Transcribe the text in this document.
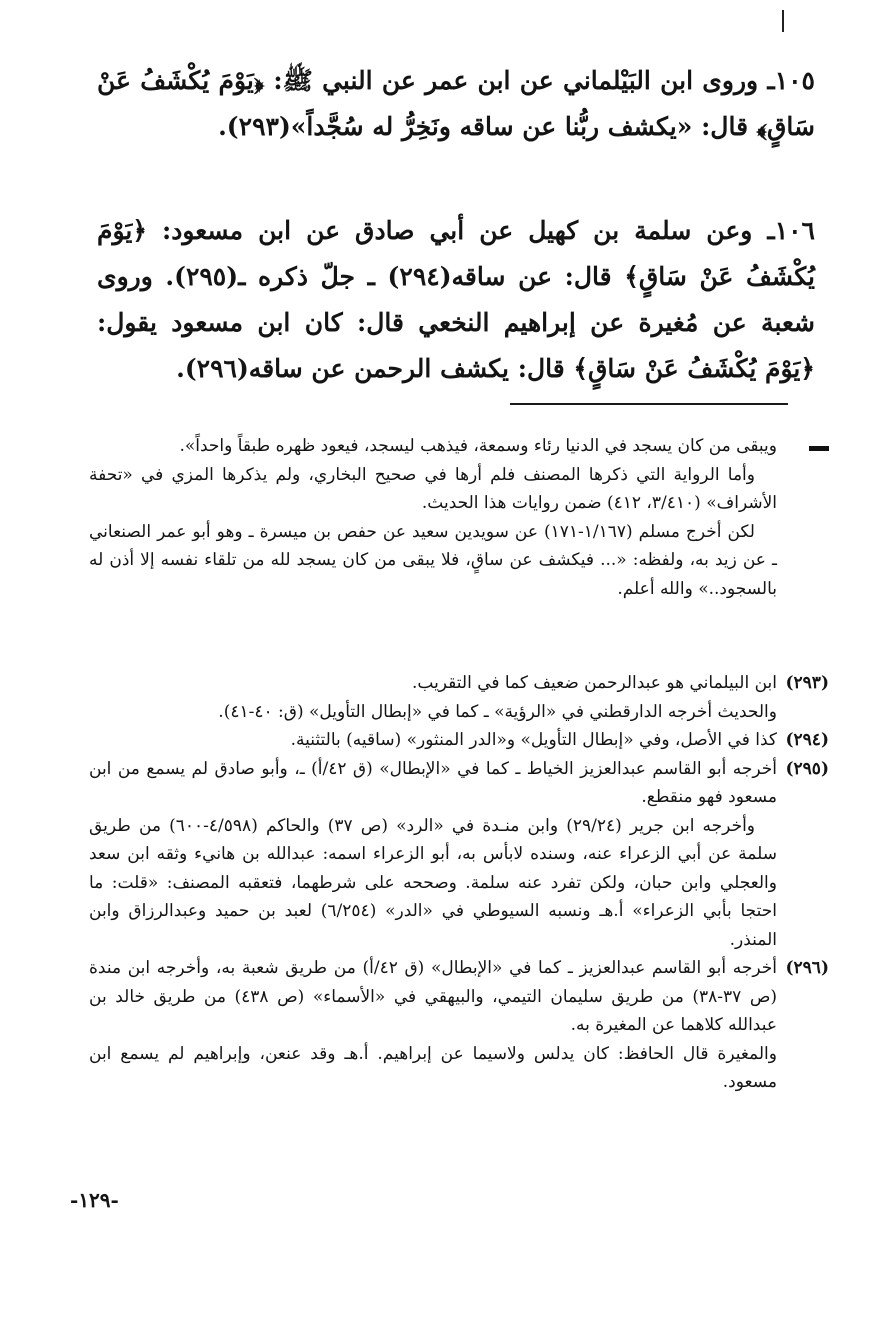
١٠٥ـ وروى ابن البَيْلماني عن ابن عمر عن النبي ﷺ: ﴿يَوْمَ يُكْشَفُ عَنْ سَاقٍ﴾ قال: «يكشف ربُّنا عن ساقه ونَخِرُّ له سُجَّداً»(٢٩٣).

١٠٦ـ وعن سلمة بن كهيل عن أبي صادق عن ابن مسعود: ﴿يَوْمَ يُكْشَفُ عَنْ سَاقٍ﴾ قال: عن ساقه(٢٩٤) ـ جلّ ذكره ـ(٢٩٥). وروى شعبة عن مُغيرة عن إبراهيم النخعي قال: كان ابن مسعود يقول: ﴿يَوْمَ يُكْشَفُ عَنْ سَاقٍ﴾ قال: يكشف الرحمن عن ساقه(٢٩٦).

ويبقى من كان يسجد في الدنيا رئاء وسمعة، فيذهب ليسجد، فيعود ظهره طبقاً واحداً».

وأما الرواية التي ذكرها المصنف فلم أرها في صحيح البخاري، ولم يذكرها المزي في «تحفة الأشراف» (٣/٤١٠، ٤١٢) ضمن روايات هذا الحديث.

لكن أخرج مسلم (١/١٦٧-١٧١) عن سويدين سعيد عن حفص بن ميسرة ـ وهو أبو عمر الصنعاني ـ عن زيد به، ولفظه: «... فيكشف عن ساقٍ، فلا يبقى من كان يسجد لله من تلقاء نفسه إلا أذن له بالسجود..» والله أعلم.

(٢٩٣)

ابن البيلماني هو عبدالرحمن ضعيف كما في التقريب.

والحديث أخرجه الدارقطني في «الرؤية» ـ كما في «إبطال التأويل» (ق: ٤٠-٤١).

(٢٩٤)

كذا في الأصل، وفي «إبطال التأويل» و«الدر المنثور» (ساقيه) بالتثنية.

(٢٩٥)

أخرجه أبو القاسم عبدالعزيز الخياط ـ كما في «الإبطال» (ق ٤٢/أ) ـ، وأبو صادق لم يسمع من ابن مسعود فهو منقطع.

وأخرجه ابن جرير (٢٩/٢٤) وابن منـدة في «الرد» (ص ٣٧) والحاكم (٤/٥٩٨-٦٠٠) من طريق سلمة عن أبي الزعراء عنه، وسنده لابأس به، أبو الزعراء اسمه: عبدالله بن هانيء وثقه ابن سعد والعجلي وابن حبان، ولكن تفرد عنه سلمة. وصححه على شرطهما، فتعقبه المصنف: «قلت: ما احتجا بأبي الزعراء» أ.هـ ونسبه السيوطي في «الدر» (٦/٢٥٤) لعبد بن حميد وعبدالرزاق وابن المنذر.

(٢٩٦)

أخرجه أبو القاسم عبدالعزيز ـ كما في «الإبطال» (ق ٤٢/أ) من طريق شعبة به، وأخرجه ابن مندة (ص ٣٧-٣٨) من طريق سليمان التيمي، والبيهقي في «الأسماء» (ص ٤٣٨) من طريق خالد بن عبدالله كلاهما عن المغيرة به.

والمغيرة قال الحافظ: كان يدلس ولاسيما عن إبراهيم. أ.هـ وقد عنعن، وإبراهيم لم يسمع ابن مسعود.

-١٢٩-
